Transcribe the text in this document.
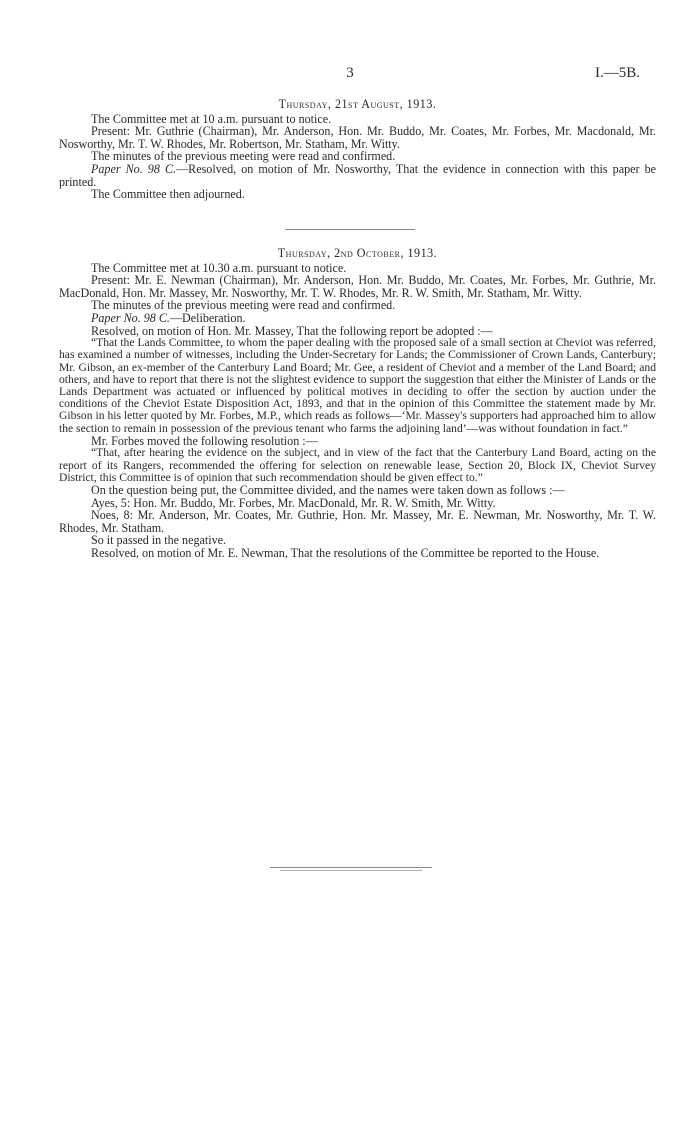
3	I.—5B.
Thursday, 21st August, 1913.

The Committee met at 10 a.m. pursuant to notice.

Present: Mr. Guthrie (Chairman), Mr. Anderson, Hon. Mr. Buddo, Mr. Coates, Mr. Forbes, Mr. Macdonald, Mr. Nosworthy, Mr. T. W. Rhodes, Mr. Robertson, Mr. Statham, Mr. Witty.

The minutes of the previous meeting were read and confirmed.

Paper No. 98 C.—Resolved, on motion of Mr. Nosworthy, That the evidence in connection with this paper be printed.

The Committee then adjourned.

Thursday, 2nd October, 1913.

The Committee met at 10.30 a.m. pursuant to notice.

Present: Mr. E. Newman (Chairman), Mr. Anderson, Hon. Mr. Buddo, Mr. Coates, Mr. Forbes, Mr. Guthrie, Mr. MacDonald, Hon. Mr. Massey, Mr. Nosworthy, Mr. T. W. Rhodes, Mr. R. W. Smith, Mr. Statham, Mr. Witty.

The minutes of the previous meeting were read and confirmed.

Paper No. 98 C.—Deliberation.

Resolved, on motion of Hon. Mr. Massey, That the following report be adopted :—

“That the Lands Committee, to whom the paper dealing with the proposed sale of a small section at Cheviot was referred, has examined a number of witnesses, including the Under-Secretary for Lands; the Commissioner of Crown Lands, Canterbury; Mr. Gibson, an ex-member of the Canterbury Land Board; Mr. Gee, a resident of Cheviot and a member of the Land Board; and others, and have to report that there is not the slightest evidence to support the suggestion that either the Minister of Lands or the Lands Department was actuated or influenced by political motives in deciding to offer the section by auction under the conditions of the Cheviot Estate Disposition Act, 1893, and that in the opinion of this Committee the statement made by Mr. Gibson in his letter quoted by Mr. Forbes, M.P., which reads as follows—‘Mr. Massey's supporters had approached him to allow the section to remain in possession of the previous tenant who farms the adjoining land’—was without foundation in fact.”

Mr. Forbes moved the following resolution :—

“That, after hearing the evidence on the subject, and in view of the fact that the Canterbury Land Board, acting on the report of its Rangers, recommended the offering for selection on renewable lease, Section 20, Block IX, Cheviot Survey District, this Committee is of opinion that such recommendation should be given effect to.”

On the question being put, the Committee divided, and the names were taken down as follows :—

Ayes, 5: Hon. Mr. Buddo, Mr. Forbes, Mr. MacDonald, Mr. R. W. Smith, Mr. Witty.

Noes, 8: Mr. Anderson, Mr. Coates, Mr. Guthrie, Hon. Mr. Massey, Mr. E. Newman, Mr. Nosworthy, Mr. T. W. Rhodes, Mr. Statham.

So it passed in the negative.

Resolved, on motion of Mr. E. Newman, That the resolutions of the Committee be reported to the House.
